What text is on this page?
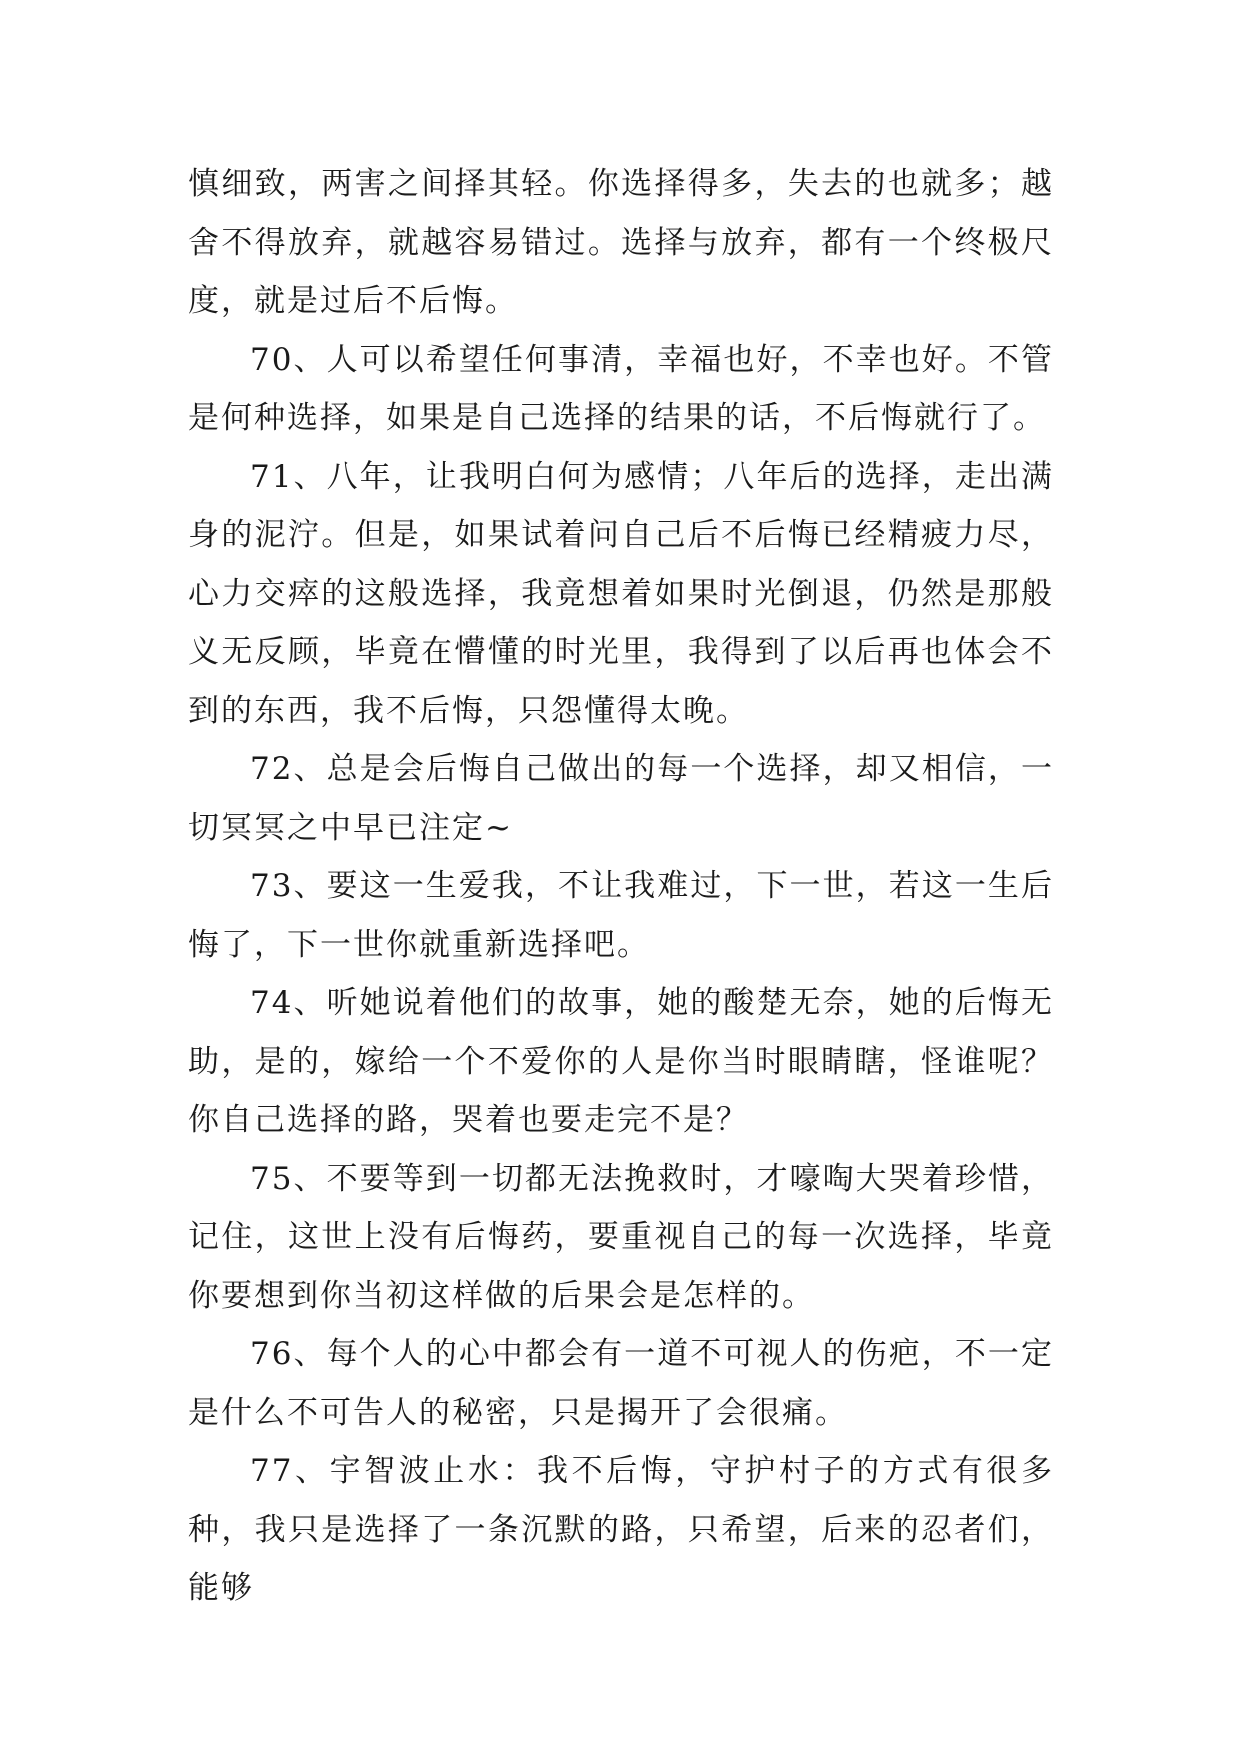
慎细致，两害之间择其轻。你选择得多，失去的也就多；越舍不得放弃，就越容易错过。选择与放弃，都有一个终极尺度，就是过后不后悔。

70、人可以希望任何事清，幸福也好，不幸也好。不管是何种选择，如果是自己选择的结果的话，不后悔就行了。

71、八年，让我明白何为感情；八年后的选择，走出满身的泥泞。但是，如果试着问自己后不后悔已经精疲力尽，心力交瘁的这般选择，我竟想着如果时光倒退，仍然是那般义无反顾，毕竟在懵懂的时光里，我得到了以后再也体会不到的东西，我不后悔，只怨懂得太晚。

72、总是会后悔自己做出的每一个选择，却又相信，一切冥冥之中早已注定~

73、要这一生爱我，不让我难过，下一世，若这一生后悔了，下一世你就重新选择吧。

74、听她说着他们的故事，她的酸楚无奈，她的后悔无助，是的，嫁给一个不爱你的人是你当时眼睛瞎，怪谁呢？你自己选择的路，哭着也要走完不是？

75、不要等到一切都无法挽救时，才嚎啕大哭着珍惜，记住，这世上没有后悔药，要重视自己的每一次选择，毕竟你要想到你当初这样做的后果会是怎样的。

76、每个人的心中都会有一道不可视人的伤疤，不一定是什么不可告人的秘密，只是揭开了会很痛。

77、宇智波止水：我不后悔，守护村子的方式有很多种，我只是选择了一条沉默的路，只希望，后来的忍者们，能够
